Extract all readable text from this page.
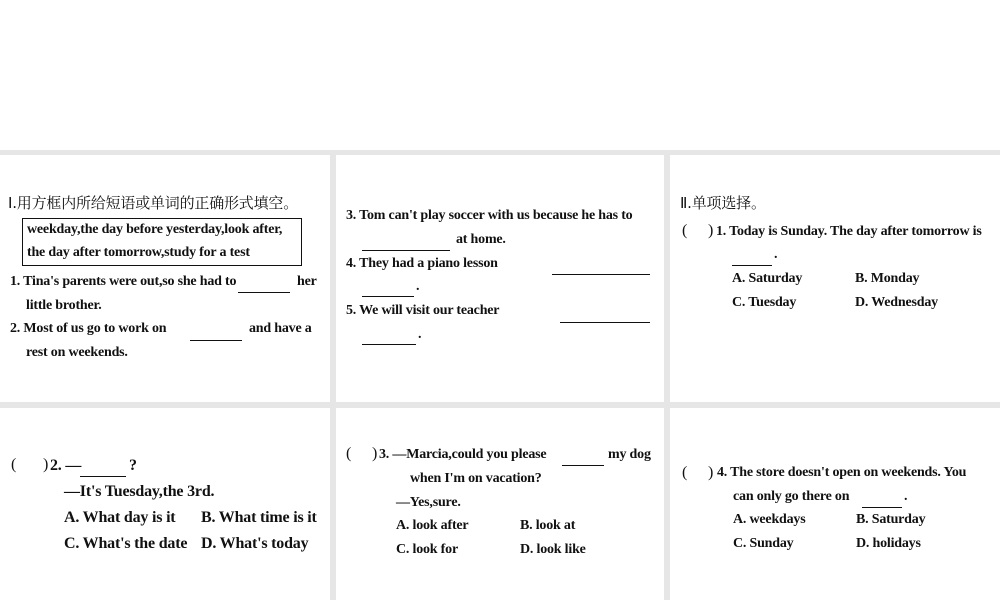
Ⅰ.用方框内所给短语或单词的正确形式填空。
weekday,the day before yesterday,look after,
the day after tomorrow,study for a test
1. Tina's parents were out,so she had to	her
little brother.
2. Most of us go to work on	and have a
rest on weekends.
3. Tom can't play soccer with us because he has to
at home.
4. They had a piano lesson
.
5. We will visit our teacher
.
Ⅱ.单项选择。
( ) 1. Today is Sunday. The day after tomorrow is
.
A. Saturday	B. Monday
C. Tuesday	D. Wednesday
( ) 2. —	?
—It's Tuesday,the 3rd.
A. What day is it B. What time is it
C. What's the date D. What's today
( ) 3. —Marcia,could you please	my dog
when I'm on vacation?
—Yes,sure.
A. look after	B. look at
C. look for	D. look like
( ) 4. The store doesn't open on weekends. You
can only go there on	.
A. weekdays	B. Saturday
C. Sunday	D. holidays
